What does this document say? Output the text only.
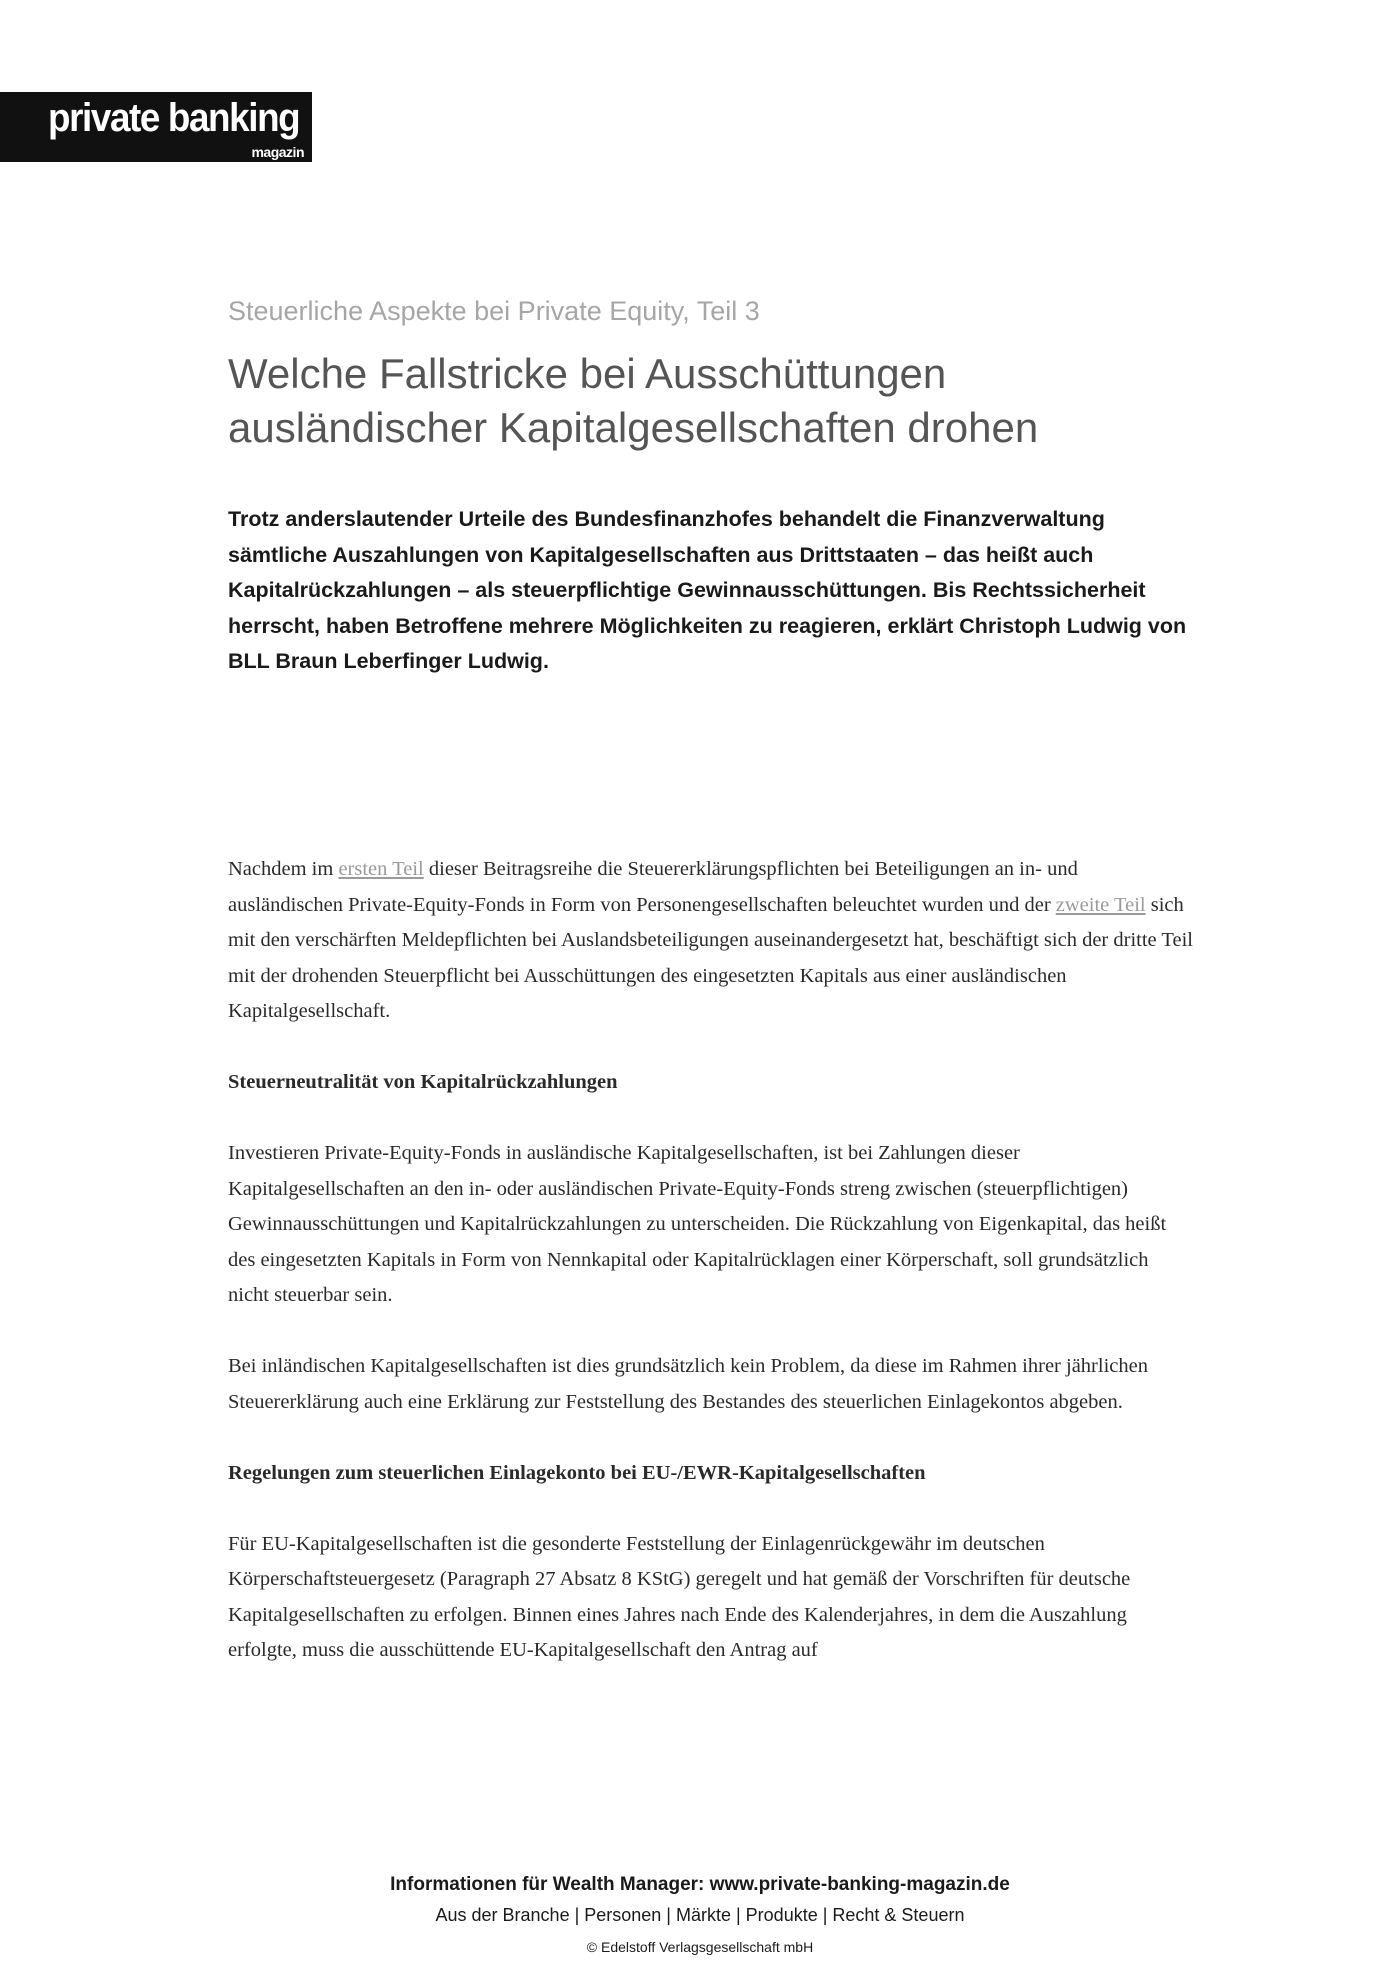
private banking
magazin
Steuerliche Aspekte bei Private Equity, Teil 3
Welche Fallstricke bei Ausschüttungen ausländischer Kapitalgesellschaften drohen
Trotz anderslautender Urteile des Bundesfinanzhofes behandelt die Finanzverwaltung sämtliche Auszahlungen von Kapitalgesellschaften aus Drittstaaten – das heißt auch Kapitalrückzahlungen – als steuerpflichtige Gewinnausschüttungen. Bis Rechtssicherheit herrscht, haben Betroffene mehrere Möglichkeiten zu reagieren, erklärt Christoph Ludwig von BLL Braun Leberfinger Ludwig.

Nachdem im ersten Teil dieser Beitragsreihe die Steuererklärungspflichten bei Beteiligungen an in- und ausländischen Private-Equity-Fonds in Form von Personengesellschaften beleuchtet wurden und der zweite Teil sich mit den verschärften Meldepflichten bei Auslandsbeteiligungen auseinandergesetzt hat, beschäftigt sich der dritte Teil mit der drohenden Steuerpflicht bei Ausschüttungen des eingesetzten Kapitals aus einer ausländischen Kapitalgesellschaft.

Steuerneutralität von Kapitalrückzahlungen

Investieren Private-Equity-Fonds in ausländische Kapitalgesellschaften, ist bei Zahlungen dieser Kapitalgesellschaften an den in- oder ausländischen Private-Equity-Fonds streng zwischen (steuerpflichtigen) Gewinnausschüttungen und Kapitalrückzahlungen zu unterscheiden. Die Rückzahlung von Eigenkapital, das heißt des eingesetzten Kapitals in Form von Nennkapital oder Kapitalrücklagen einer Körperschaft, soll grundsätzlich nicht steuerbar sein.

Bei inländischen Kapitalgesellschaften ist dies grundsätzlich kein Problem, da diese im Rahmen ihrer jährlichen Steuererklärung auch eine Erklärung zur Feststellung des Bestandes des steuerlichen Einlagekontos abgeben.

Regelungen zum steuerlichen Einlagekonto bei EU-/EWR-Kapitalgesellschaften

Für EU-Kapitalgesellschaften ist die gesonderte Feststellung der Einlagenrückgewähr im deutschen Körperschaftsteuergesetz (Paragraph 27 Absatz 8 KStG) geregelt und hat gemäß der Vorschriften für deutsche Kapitalgesellschaften zu erfolgen. Binnen eines Jahres nach Ende des Kalenderjahres, in dem die Auszahlung erfolgte, muss die ausschüttende EU-Kapitalgesellschaft den Antrag auf

Informationen für Wealth Manager: www.private-banking-magazin.de
Aus der Branche | Personen | Märkte | Produkte | Recht & Steuern
© Edelstoff Verlagsgesellschaft mbH
